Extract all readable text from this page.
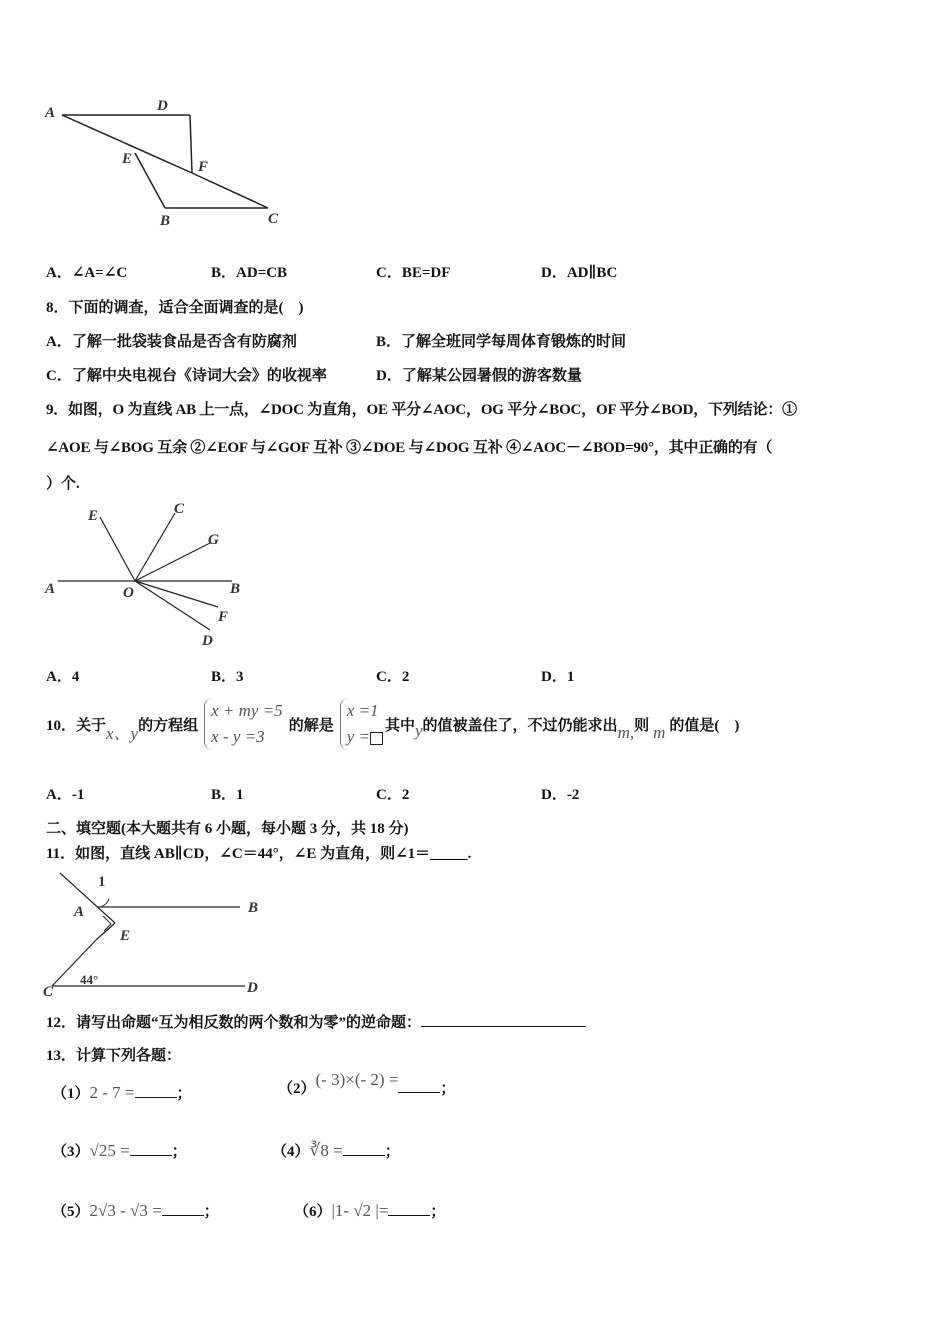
A	D
E	F
B	C
A．∠A=∠C	B．AD=CB	C．BE=DF	D．AD∥BC
8．下面的调查，适合全面调查的是(　)
A．了解一批袋装食品是否含有防腐剂	B．了解全班同学每周体育锻炼的时间
C．了解中央电视台《诗词大会》的收视率	D．了解某公园暑假的游客数量
9．如图，O 为直线 AB 上一点，∠DOC 为直角，OE 平分∠AOC，OG 平分∠BOC，OF 平分∠BOD，下列结论：①
∠AOE 与∠BOG 互余 ②∠EOF 与∠GOF 互补 ③∠DOE 与∠DOG 互补 ④∠AOC－∠BOD=90°，其中正确的有（
）个.
E	C
G
A	O	B
F
D
A．4	B．3	C．2	D．1
10．关于 x、y 的方程组
x + my =5
x - y =3
的解是
x =1
y =
其中 y 的值被盖住了，不过仍能求出 m, 则 m 的值是(　)
A．-1	B．1	C．2	D．-2
二、填空题(本大题共有 6 小题，每小题 3 分，共 18 分)
11．如图，直线 AB∥CD，∠C＝44°，∠E 为直角，则∠1＝_____.
1
A	B
E
44°
C	D
12．请写出命题“互为相反数的两个数和为零”的逆命题：
13．计算下列各题：
（1）2 - 7 =	；	（2）(- 3)×(- 2) =	；
（3）√25 =	；	（4）∛8 =	；
（5）2√3 - √3 =	；	（6）|1- √2 |=	；
